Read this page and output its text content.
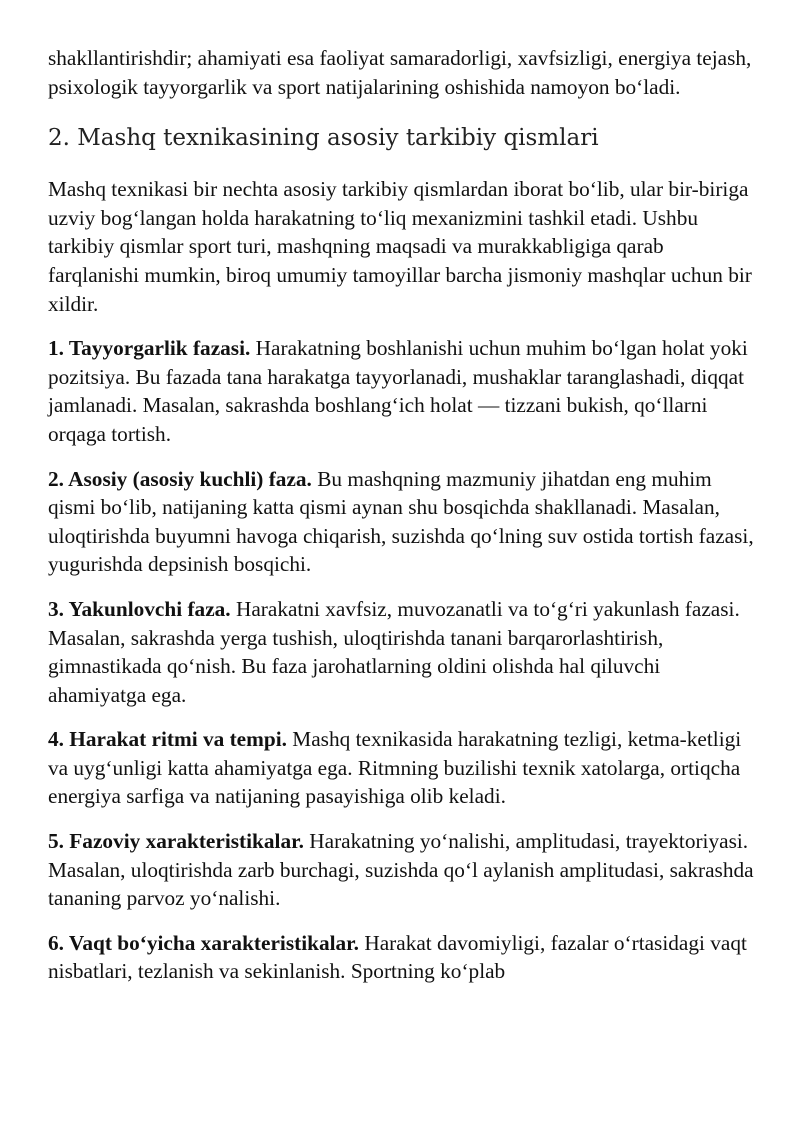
shakllantirishdir; ahamiyati esa faoliyat samaradorligi, xavfsizligi, energiya tejash, psixologik tayyorgarlik va sport natijalarining oshishida namoyon bo‘ladi.

2. Mashq texnikasining asosiy tarkibiy qismlari

Mashq texnikasi bir nechta asosiy tarkibiy qismlardan iborat bo‘lib, ular bir-biriga uzviy bog‘langan holda harakatning to‘liq mexanizmini tashkil etadi. Ushbu tarkibiy qismlar sport turi, mashqning maqsadi va murakkabligiga qarab farqlanishi mumkin, biroq umumiy tamoyillar barcha jismoniy mashqlar uchun bir xildir.

1. Tayyorgarlik fazasi. Harakatning boshlanishi uchun muhim bo‘lgan holat yoki pozitsiya. Bu fazada tana harakatga tayyorlanadi, mushaklar taranglashadi, diqqat jamlanadi. Masalan, sakrashda boshlang‘ich holat — tizzani bukish, qo‘llarni orqaga tortish.

2. Asosiy (asosiy kuchli) faza. Bu mashqning mazmuniy jihatdan eng muhim qismi bo‘lib, natijaning katta qismi aynan shu bosqichda shakllanadi. Masalan, uloqtirishda buyumni havoga chiqarish, suzishda qo‘lning suv ostida tortish fazasi, yugurishda depsinish bosqichi.

3. Yakunlovchi faza. Harakatni xavfsiz, muvozanatli va to‘g‘ri yakunlash fazasi. Masalan, sakrashda yerga tushish, uloqtirishda tanani barqarorlashtirish, gimnastikada qo‘nish. Bu faza jarohatlarning oldini olishda hal qiluvchi ahamiyatga ega.

4. Harakat ritmi va tempi. Mashq texnikasida harakatning tezligi, ketma-ketligi va uyg‘unligi katta ahamiyatga ega. Ritmning buzilishi texnik xatolarga, ortiqcha energiya sarfiga va natijaning pasayishiga olib keladi.

5. Fazoviy xarakteristikalar. Harakatning yo‘nalishi, amplitudasi, trayektoriyasi. Masalan, uloqtirishda zarb burchagi, suzishda qo‘l aylanish amplitudasi, sakrashda tananing parvoz yo‘nalishi.

6. Vaqt bo‘yicha xarakteristikalar. Harakat davomiyligi, fazalar o‘rtasidagi vaqt nisbatlari, tezlanish va sekinlanish. Sportning ko‘plab
